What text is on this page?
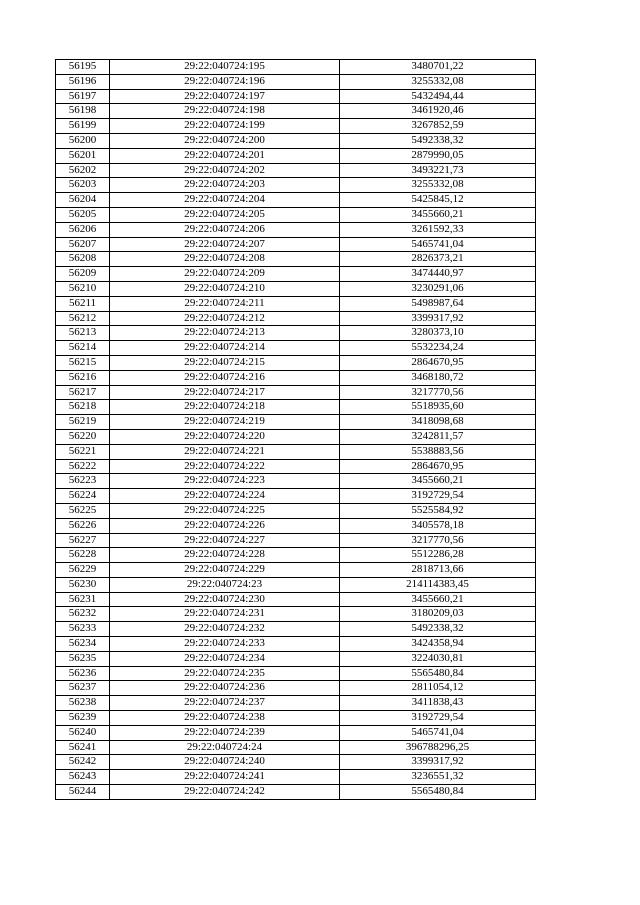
56195	29:22:040724:195	3480701,22
56196	29:22:040724:196	3255332,08
56197	29:22:040724:197	5432494,44
56198	29:22:040724:198	3461920,46
56199	29:22:040724:199	3267852,59
56200	29:22:040724:200	5492338,32
56201	29:22:040724:201	2879990,05
56202	29:22:040724:202	3493221,73
56203	29:22:040724:203	3255332,08
56204	29:22:040724:204	5425845,12
56205	29:22:040724:205	3455660,21
56206	29:22:040724:206	3261592,33
56207	29:22:040724:207	5465741,04
56208	29:22:040724:208	2826373,21
56209	29:22:040724:209	3474440,97
56210	29:22:040724:210	3230291,06
56211	29:22:040724:211	5498987,64
56212	29:22:040724:212	3399317,92
56213	29:22:040724:213	3280373,10
56214	29:22:040724:214	5532234,24
56215	29:22:040724:215	2864670,95
56216	29:22:040724:216	3468180,72
56217	29:22:040724:217	3217770,56
56218	29:22:040724:218	5518935,60
56219	29:22:040724:219	3418098,68
56220	29:22:040724:220	3242811,57
56221	29:22:040724:221	5538883,56
56222	29:22:040724:222	2864670,95
56223	29:22:040724:223	3455660,21
56224	29:22:040724:224	3192729,54
56225	29:22:040724:225	5525584,92
56226	29:22:040724:226	3405578,18
56227	29:22:040724:227	3217770,56
56228	29:22:040724:228	5512286,28
56229	29:22:040724:229	2818713,66
56230	29:22:040724:23	214114383,45
56231	29:22:040724:230	3455660,21
56232	29:22:040724:231	3180209,03
56233	29:22:040724:232	5492338,32
56234	29:22:040724:233	3424358,94
56235	29:22:040724:234	3224030,81
56236	29:22:040724:235	5565480,84
56237	29:22:040724:236	2811054,12
56238	29:22:040724:237	3411838,43
56239	29:22:040724:238	3192729,54
56240	29:22:040724:239	5465741,04
56241	29:22:040724:24	396788296,25
56242	29:22:040724:240	3399317,92
56243	29:22:040724:241	3236551,32
56244	29:22:040724:242	5565480,84
